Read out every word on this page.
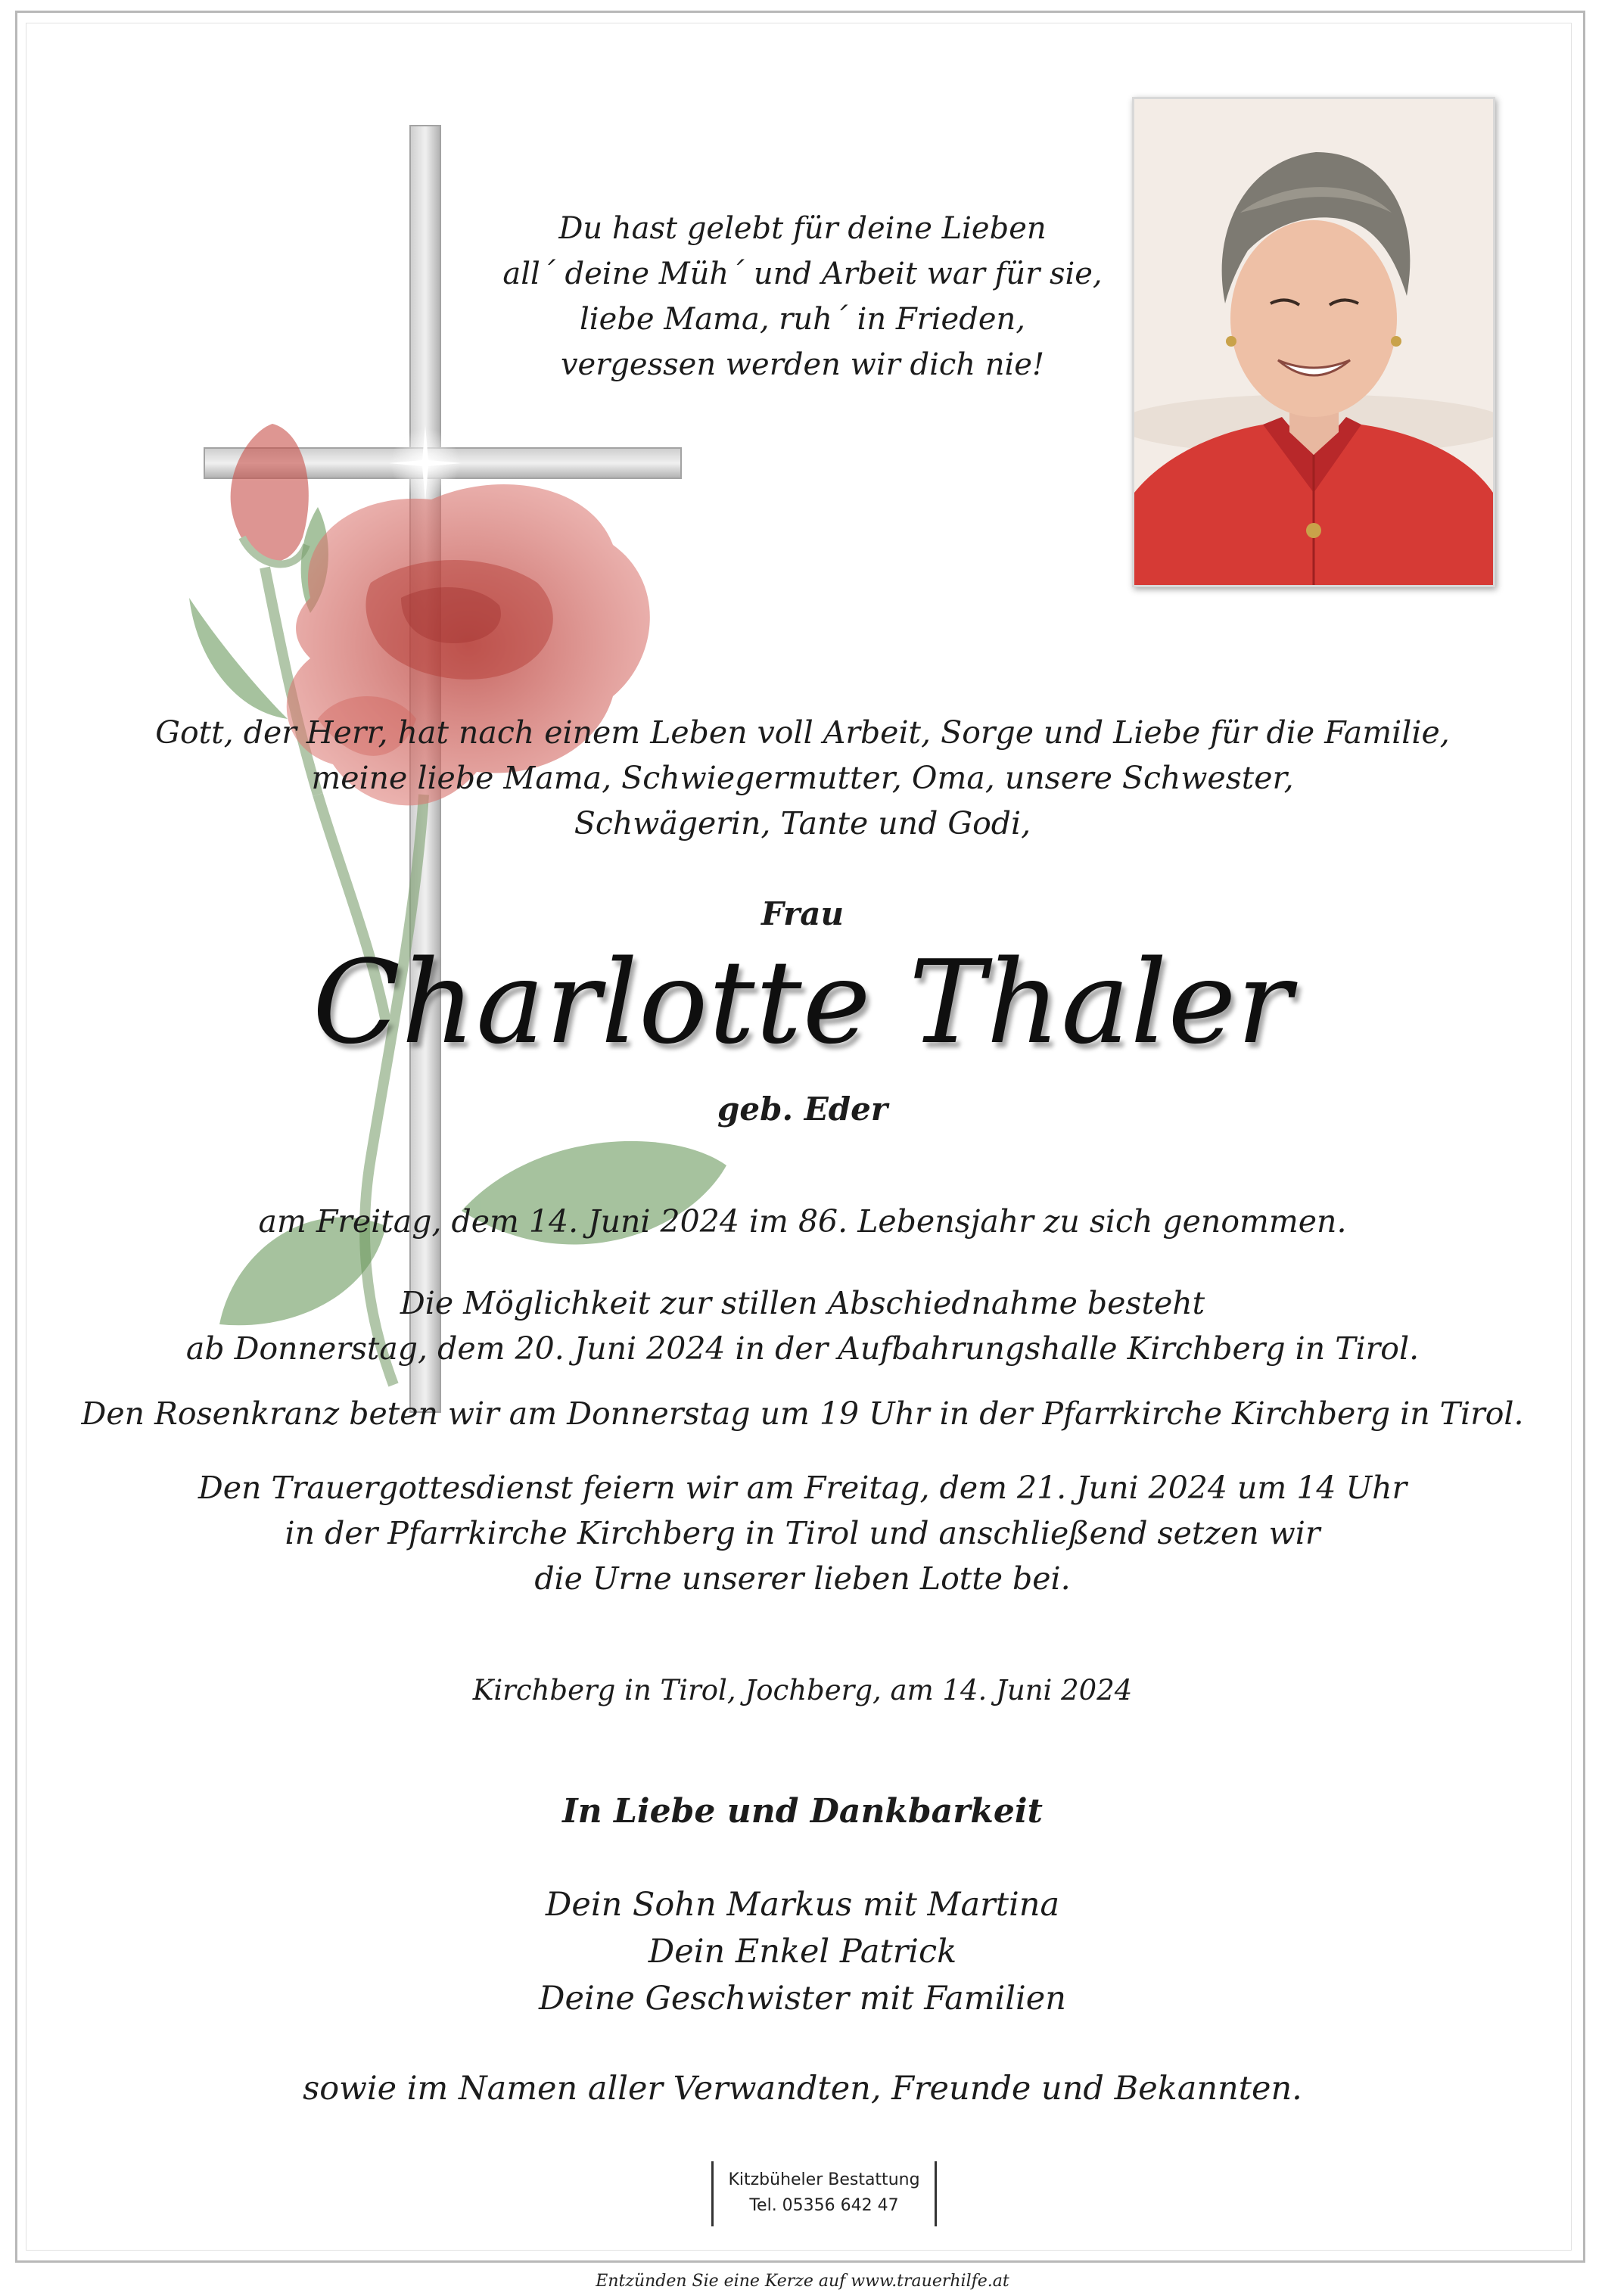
Du hast gelebt für deine Lieben
all´ deine Müh´ und Arbeit war für sie,
liebe Mama, ruh´ in Frieden,
vergessen werden wir dich nie!
Gott, der Herr, hat nach einem Leben voll Arbeit, Sorge und Liebe für die Familie,
meine liebe Mama, Schwiegermutter, Oma, unsere Schwester,
Schwägerin, Tante und Godi,
Frau
Charlotte Thaler
geb. Eder
am Freitag, dem 14. Juni 2024 im 86. Lebensjahr zu sich genommen.
Die Möglichkeit zur stillen Abschiednahme besteht
ab Donnerstag, dem 20. Juni 2024 in der Aufbahrungshalle Kirchberg in Tirol.
Den Rosenkranz beten wir am Donnerstag um 19 Uhr in der Pfarrkirche Kirchberg in Tirol.
Den Trauergottesdienst feiern wir am Freitag, dem 21. Juni 2024 um 14 Uhr
in der Pfarrkirche Kirchberg in Tirol und anschließend setzen wir
die Urne unserer lieben Lotte bei.
Kirchberg in Tirol, Jochberg, am 14. Juni 2024
In Liebe und Dankbarkeit
Dein Sohn Markus mit Martina
Dein Enkel Patrick
Deine Geschwister mit Familien
sowie im Namen aller Verwandten, Freunde und Bekannten.
Kitzbüheler Bestattung
Tel. 05356 642 47
Entzünden Sie eine Kerze auf www.trauerhilfe.at
